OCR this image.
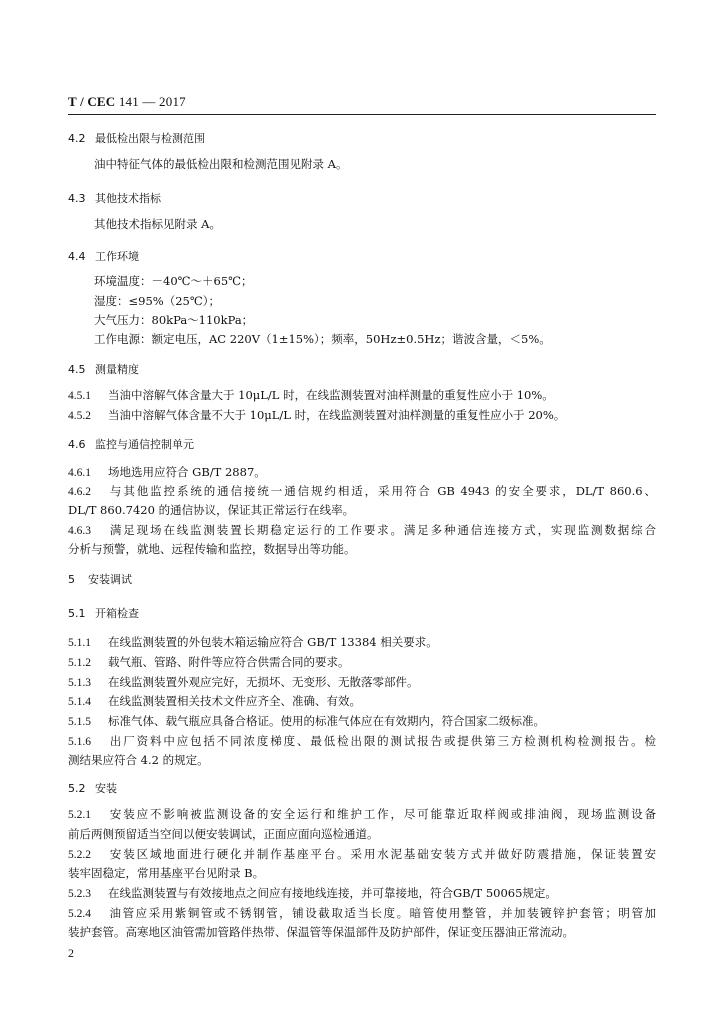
T / CEC 141 — 2017
4.2 最低检出限与检测范围
油中特征气体的最低检出限和检测范围见附录 A。
4.3 其他技术指标
其他技术指标见附录 A。
4.4 工作环境
环境温度：－40℃～＋65℃；
湿度：≤95%（25℃）；
大气压力：80kPa～110kPa；
工作电源：额定电压，AC 220V（1±15%）；频率，50Hz±0.5Hz；谐波含量，＜5%。
4.5 测量精度
4.5.1 当油中溶解气体含量大于 10μL/L 时，在线监测装置对油样测量的重复性应小于 10%。
4.5.2 当油中溶解气体含量不大于 10μL/L 时，在线监测装置对油样测量的重复性应小于 20%。
4.6 监控与通信控制单元
4.6.1 场地选用应符合 GB/T 2887。
4.6.2 与其他监控系统的通信接统一通信规约相适，采用符合 GB 4943 的安全要求，DL/T 860.6、
DL/T 860.7420 的通信协议，保证其正常运行在线率。
4.6.3 满足现场在线监测装置长期稳定运行的工作要求。满足多种通信连接方式，实现监测数据综合
分析与预警，就地、远程传输和监控，数据导出等功能。
5 安装调试
5.1 开箱检查
5.1.1 在线监测装置的外包装木箱运输应符合 GB/T 13384 相关要求。
5.1.2 载气瓶、管路、附件等应符合供需合同的要求。
5.1.3 在线监测装置外观应完好，无损坏、无变形、无散落零部件。
5.1.4 在线监测装置相关技术文件应齐全、准确、有效。
5.1.5 标准气体、载气瓶应具备合格证。使用的标准气体应在有效期内，符合国家二级标准。
5.1.6 出厂资料中应包括不同浓度梯度、最低检出限的测试报告或提供第三方检测机构检测报告。检
测结果应符合 4.2 的规定。
5.2 安装
5.2.1 安装应不影响被监测设备的安全运行和维护工作，尽可能靠近取样阀或排油阀，现场监测设备
前后两侧预留适当空间以便安装调试，正面应面向巡检通道。
5.2.2 安装区域地面进行硬化并制作基座平台。采用水泥基础安装方式并做好防震措施，保证装置安
装牢固稳定，常用基座平台见附录 B。
5.2.3 在线监测装置与有效接地点之间应有接地线连接，并可靠接地，符合GB/T 50065规定。
5.2.4 油管应采用紫铜管或不锈钢管，铺设截取适当长度。暗管使用整管，并加装镀锌护套管；明管加
装护套管。高寒地区油管需加管路伴热带、保温管等保温部件及防护部件，保证变压器油正常流动。
2
